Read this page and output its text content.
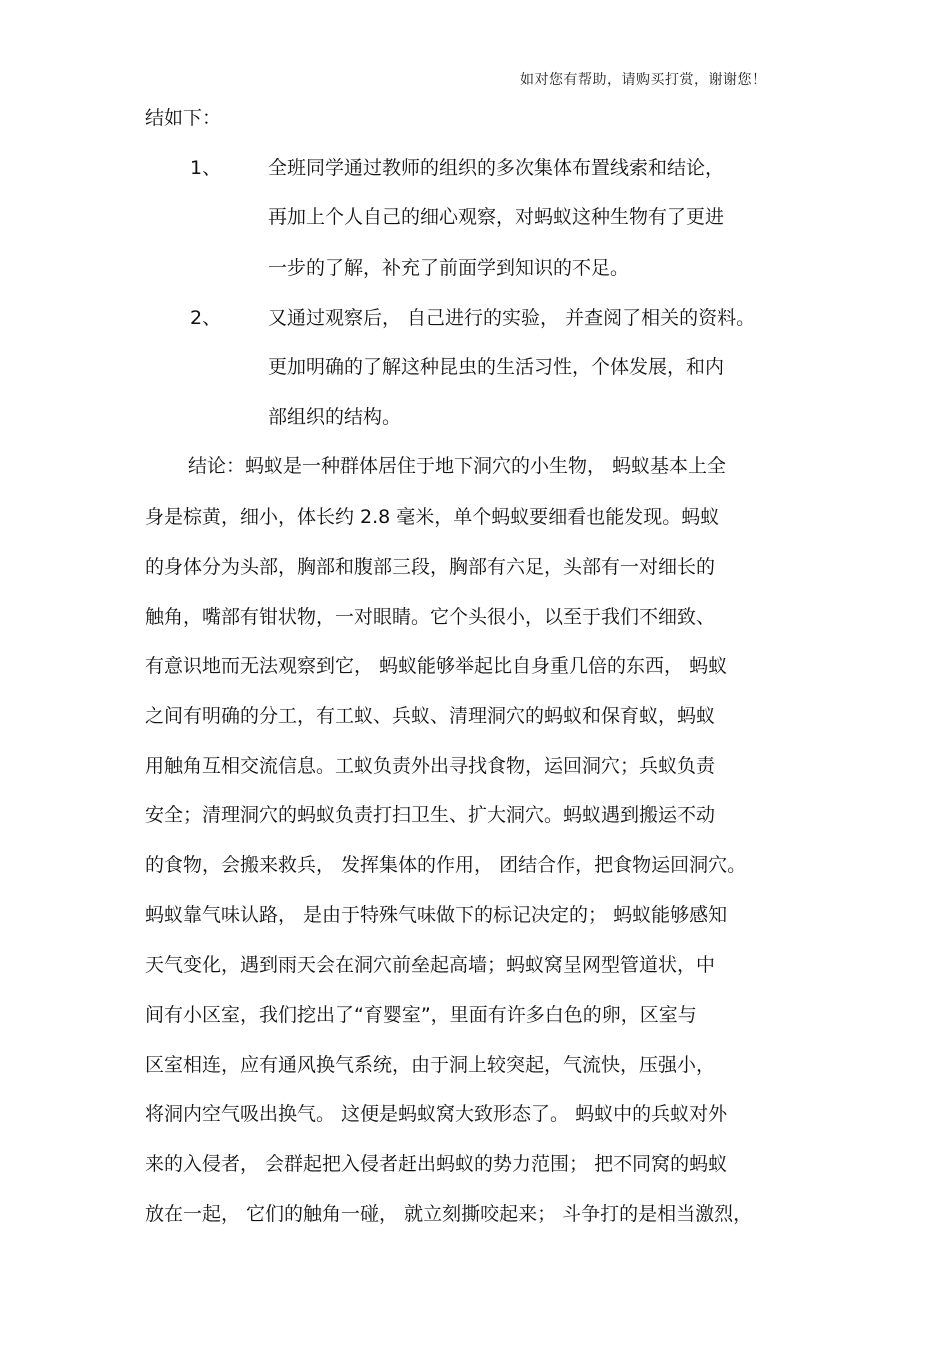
如对您有帮助，请购买打赏，谢谢您！
结如下：
1、 全班同学通过教师的组织的多次集体布置线索和结论，
再加上个人自己的细心观察，对蚂蚁这种生物有了更进
一步的了解，补充了前面学到知识的不足。
2、 又通过观察后， 自己进行的实验， 并查阅了相关的资料。
更加明确的了解这种昆虫的生活习性，个体发展，和内
部组织的结构。
结论：蚂蚁是一种群体居住于地下洞穴的小生物， 蚂蚁基本上全
身是棕黄，细小，体长约 2.8 毫米，单个蚂蚁要细看也能发现。蚂蚁
的身体分为头部，胸部和腹部三段，胸部有六足，头部有一对细长的
触角，嘴部有钳状物，一对眼睛。它个头很小，以至于我们不细致、
有意识地而无法观察到它， 蚂蚁能够举起比自身重几倍的东西， 蚂蚁
之间有明确的分工，有工蚁、兵蚁、清理洞穴的蚂蚁和保育蚁，蚂蚁
用触角互相交流信息。工蚁负责外出寻找食物，运回洞穴；兵蚁负责
安全；清理洞穴的蚂蚁负责打扫卫生、扩大洞穴。蚂蚁遇到搬运不动
的食物，会搬来救兵， 发挥集体的作用， 团结合作，把食物运回洞穴。
蚂蚁靠气味认路， 是由于特殊气味做下的标记决定的； 蚂蚁能够感知
天气变化，遇到雨天会在洞穴前垒起高墙；蚂蚁窝呈网型管道状，中
间有小区室，我们挖出了“育婴室”，里面有许多白色的卵，区室与
区室相连，应有通风换气系统，由于洞上较突起，气流快，压强小，
将洞内空气吸出换气。 这便是蚂蚁窝大致形态了。 蚂蚁中的兵蚁对外
来的入侵者， 会群起把入侵者赶出蚂蚁的势力范围； 把不同窝的蚂蚁
放在一起， 它们的触角一碰， 就立刻撕咬起来； 斗争打的是相当激烈，
